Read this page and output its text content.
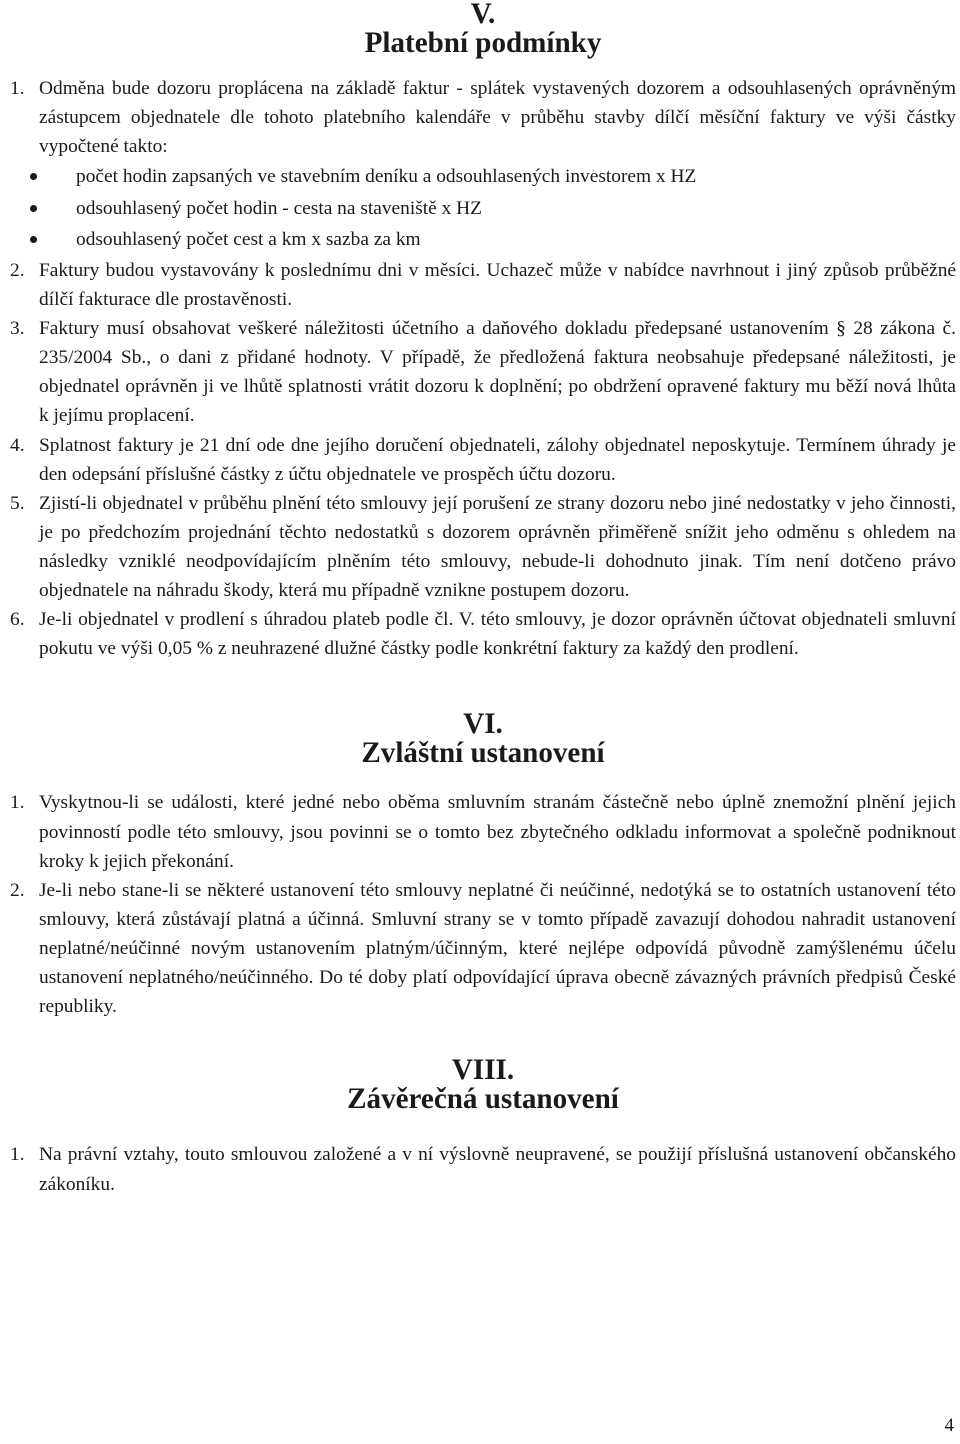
V.
Platební podmínky
1. Odměna bude dozoru proplácena na základě faktur - splátek vystavených dozorem a odsouhlasených oprávněným zástupcem objednatele dle tohoto platebního kalendáře v průběhu stavby dílčí měsíční faktury ve výši částky vypočtené takto:
počet hodin zapsaných ve stavebním deníku a odsouhlasených investorem x HZ
odsouhlasený počet hodin - cesta na staveniště x HZ
odsouhlasený počet cest a km x sazba za km
2. Faktury budou vystavovány k poslednímu dni v měsíci. Uchazeč může v nabídce navrhnout i jiný způsob průběžné dílčí fakturace dle prostavěnosti.
3. Faktury musí obsahovat veškeré náležitosti účetního a daňového dokladu předepsané ustanovením § 28 zákona č. 235/2004 Sb., o dani z přidané hodnoty. V případě, že předložená faktura neobsahuje předepsané náležitosti, je objednatel oprávněn ji ve lhůtě splatnosti vrátit dozoru k doplnění; po obdržení opravené faktury mu běží nová lhůta k jejímu proplacení.
4. Splatnost faktury je 21 dní ode dne jejího doručení objednateli, zálohy objednatel neposkytuje. Termínem úhrady je den odepsání příslušné částky z účtu objednatele ve prospěch účtu dozoru.
5. Zjistí-li objednatel v průběhu plnění této smlouvy její porušení ze strany dozoru nebo jiné nedostatky v jeho činnosti, je po předchozím projednání těchto nedostatků s dozorem oprávněn přiměřeně snížit jeho odměnu s ohledem na následky vzniklé neodpovídajícím plněním této smlouvy, nebude-li dohodnuto jinak. Tím není dotčeno právo objednatele na náhradu škody, která mu případně vznikne postupem dozoru.
6. Je-li objednatel v prodlení s úhradou plateb podle čl. V. této smlouvy, je dozor oprávněn účtovat objednateli smluvní pokutu ve výši 0,05 % z neuhrazené dlužné částky podle konkrétní faktury za každý den prodlení.
VI.
Zvláštní ustanovení
1. Vyskytnou-li se události, které jedné nebo oběma smluvním stranám částečně nebo úplně znemožní plnění jejich povinností podle této smlouvy, jsou povinni se o tomto bez zbytečného odkladu informovat a společně podniknout kroky k jejich překonání.
2. Je-li nebo stane-li se některé ustanovení této smlouvy neplatné či neúčinné, nedotýká se to ostatních ustanovení této smlouvy, která zůstávají platná a účinná. Smluvní strany se v tomto případě zavazují dohodou nahradit ustanovení neplatné/neúčinné novým ustanovením platným/účinným, které nejlépe odpovídá původně zamýšlenému účelu ustanovení neplatného/neúčinného. Do té doby platí odpovídající úprava obecně závazných právních předpisů České republiky.
VIII.
Závěrečná ustanovení
1. Na právní vztahy, touto smlouvou založené a v ní výslovně neupravené, se použijí příslušná ustanovení občanského zákoníku.
4
